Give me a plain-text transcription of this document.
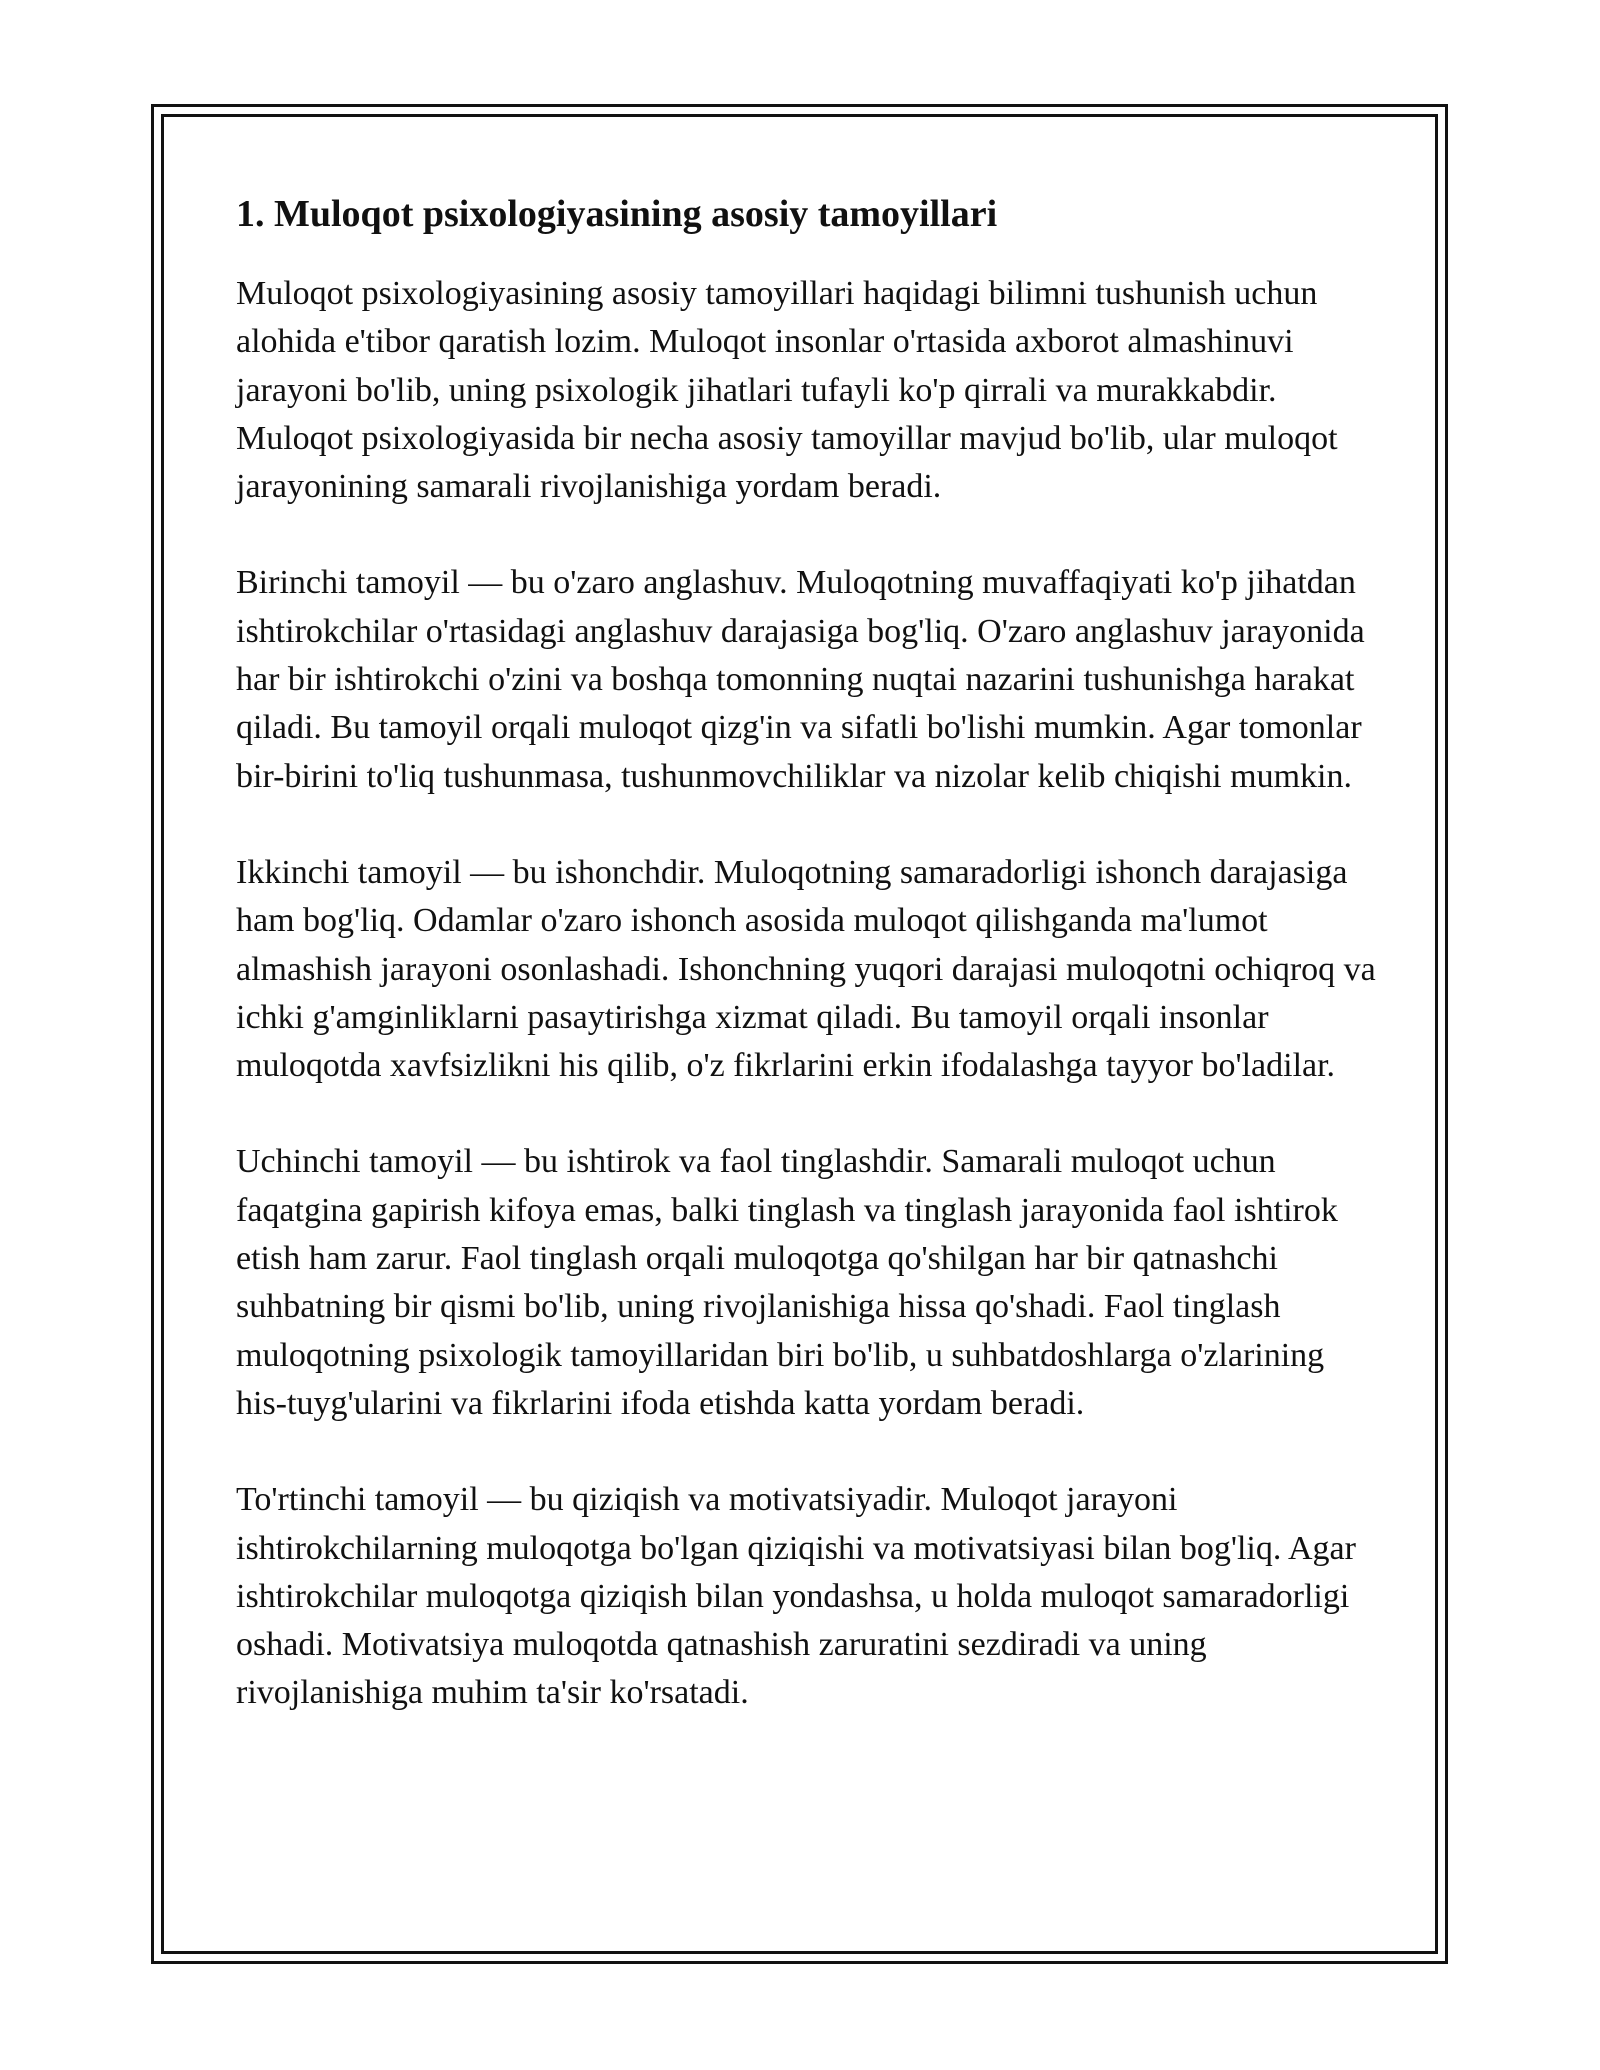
1. Muloqot psixologiyasining asosiy tamoyillari

Muloqot psixologiyasining asosiy tamoyillari haqidagi bilimni tushunish uchun alohida e'tibor qaratish lozim. Muloqot insonlar o'rtasida axborot almashinuvi jarayoni bo'lib, uning psixologik jihatlari tufayli ko'p qirrali va murakkabdir. Muloqot psixologiyasida bir necha asosiy tamoyillar mavjud bo'lib, ular muloqot jarayonining samarali rivojlanishiga yordam beradi.

Birinchi tamoyil — bu o'zaro anglashuv. Muloqotning muvaffaqiyati ko'p jihatdan ishtirokchilar o'rtasidagi anglashuv darajasiga bog'liq. O'zaro anglashuv jarayonida har bir ishtirokchi o'zini va boshqa tomonning nuqtai nazarini tushunishga harakat qiladi. Bu tamoyil orqali muloqot qizg'in va sifatli bo'lishi mumkin. Agar tomonlar bir-birini to'liq tushunmasa, tushunmovchiliklar va nizolar kelib chiqishi mumkin.

Ikkinchi tamoyil — bu ishonchdir. Muloqotning samaradorligi ishonch darajasiga ham bog'liq. Odamlar o'zaro ishonch asosida muloqot qilishganda ma'lumot almashish jarayoni osonlashadi. Ishonchning yuqori darajasi muloqotni ochiqroq va ichki g'amginliklarni pasaytirishga xizmat qiladi. Bu tamoyil orqali insonlar muloqotda xavfsizlikni his qilib, o'z fikrlarini erkin ifodalashga tayyor bo'ladilar.

Uchinchi tamoyil — bu ishtirok va faol tinglashdir. Samarali muloqot uchun faqatgina gapirish kifoya emas, balki tinglash va tinglash jarayonida faol ishtirok etish ham zarur. Faol tinglash orqali muloqotga qo'shilgan har bir qatnashchi suhbatning bir qismi bo'lib, uning rivojlanishiga hissa qo'shadi. Faol tinglash muloqotning psixologik tamoyillaridan biri bo'lib, u suhbatdoshlarga o'zlarining his-tuyg'ularini va fikrlarini ifoda etishda katta yordam beradi.

To'rtinchi tamoyil — bu qiziqish va motivatsiyadir. Muloqot jarayoni ishtirokchilarning muloqotga bo'lgan qiziqishi va motivatsiyasi bilan bog'liq. Agar ishtirokchilar muloqotga qiziqish bilan yondashsa, u holda muloqot samaradorligi oshadi. Motivatsiya muloqotda qatnashish zaruratini sezdiradi va uning rivojlanishiga muhim ta'sir ko'rsatadi.
